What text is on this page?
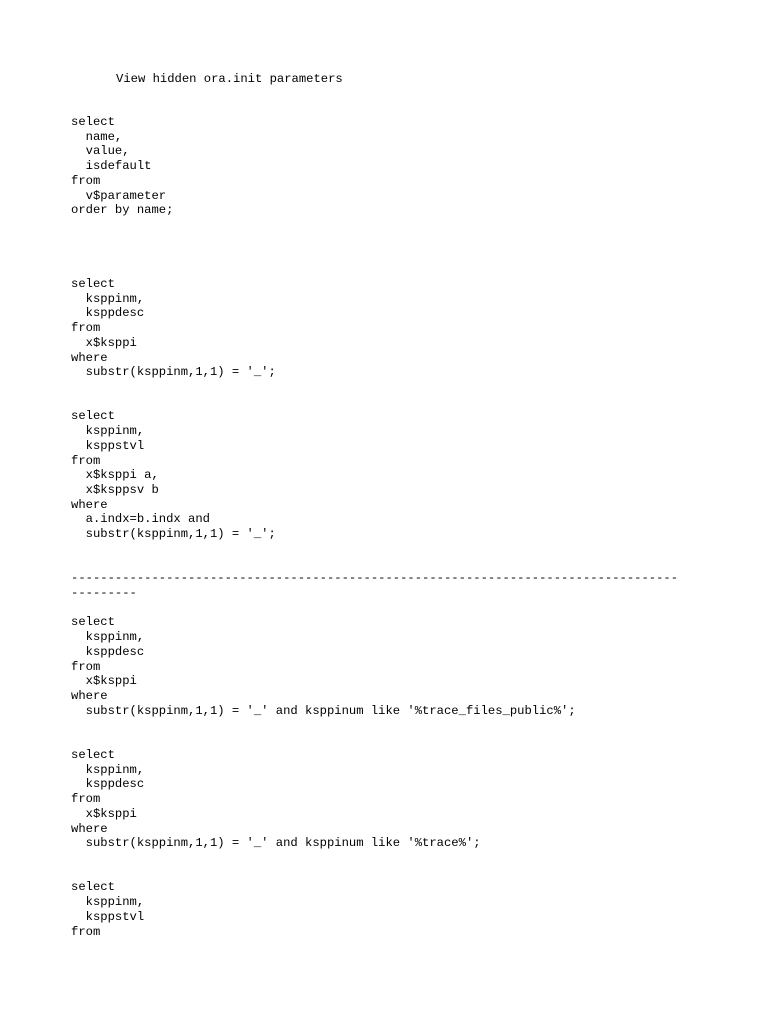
View hidden ora.init parameters
select
name,
value,
isdefault
from
v$parameter
order by name;
select
ksppinm,
ksppdesc
from
x$ksppi
where
substr(ksppinm,1,1) = '_';
select
ksppinm,
ksppstvl
from
x$ksppi a,
x$ksppsv b
where
a.indx=b.indx and
substr(ksppinm,1,1) = '_';
-----------------------------------------------------------------------------------
---------
select
ksppinm,
ksppdesc
from
x$ksppi
where
substr(ksppinm,1,1) = '_' and ksppinum like '%trace_files_public%';
select
ksppinm,
ksppdesc
from
x$ksppi
where
substr(ksppinm,1,1) = '_' and ksppinum like '%trace%';
select
ksppinm,
ksppstvl
from
